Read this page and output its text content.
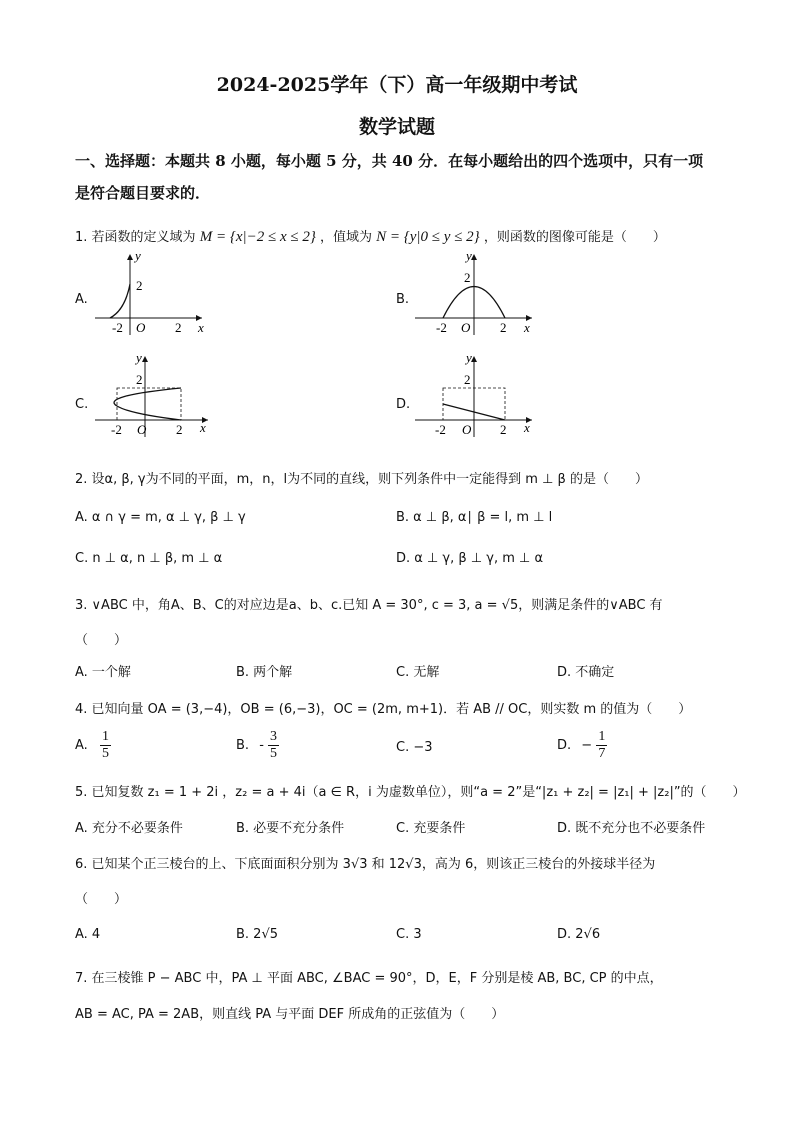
2024-2025学年（下）高一年级期中考试
数学试题
一、选择题：本题共 8 小题，每小题 5 分，共 40 分．在每小题给出的四个选项中，只有一项
是符合题目要求的．
1. 若函数的定义域为 M = {x|−2 ≤ x ≤ 2} ，值域为 N = {y|0 ≤ y ≤ 2} ，则函数的图像可能是（　　）
A.
y
x
O
-2	2
2
B.
y
x
O
-2	2
2
C.
y
x
O
-2	2
2
D.
y
x
O
-2	2
2
2. 设α, β, γ为不同的平面，m，n，l为不同的直线，则下列条件中一定能得到 m ⊥ β 的是（　　）
A. α ∩ γ = m, α ⊥ γ, β ⊥ γ	B. α ⊥ β, α∣ β = l, m ⊥ l
C. n ⊥ α, n ⊥ β, m ⊥ α	D. α ⊥ γ, β ⊥ γ, m ⊥ α
3. ∨ABC 中，角A、B、C的对应边是a、b、c.已知 A = 30°, c = 3, a = √5，则满足条件的∨ABC 有
（　　）
A. 一个解	B. 两个解	C. 无解	D. 不确定
4. 已知向量 OA = (3,−4)，OB = (6,−3)，OC = (2m, m+1)．若 AB // OC，则实数 m 的值为（　　）
A. $\frac{1}{5}$	B. - $\frac{3}{5}$	C. −3	D. − $\frac{1}{7}$
5. 已知复数 z₁ = 1 + 2i ，z₂ = a + 4i（a ∈ R，i 为虚数单位），则“a = 2”是“|z₁ + z₂| = |z₁| + |z₂|”的（　　）
A. 充分不必要条件	B. 必要不充分条件	C. 充要条件	D. 既不充分也不必要条件
6. 已知某个正三棱台的上、下底面面积分别为 3√3 和 12√3，高为 6，则该正三棱台的外接球半径为
（　　）
A. 4	B. 2√5	C. 3	D. 2√6
7. 在三棱锥 P − ABC 中，PA ⊥ 平面 ABC, ∠BAC = 90°，D，E，F 分别是棱 AB, BC, CP 的中点，
AB = AC, PA = 2AB，则直线 PA 与平面 DEF 所成角的正弦值为（　　）
